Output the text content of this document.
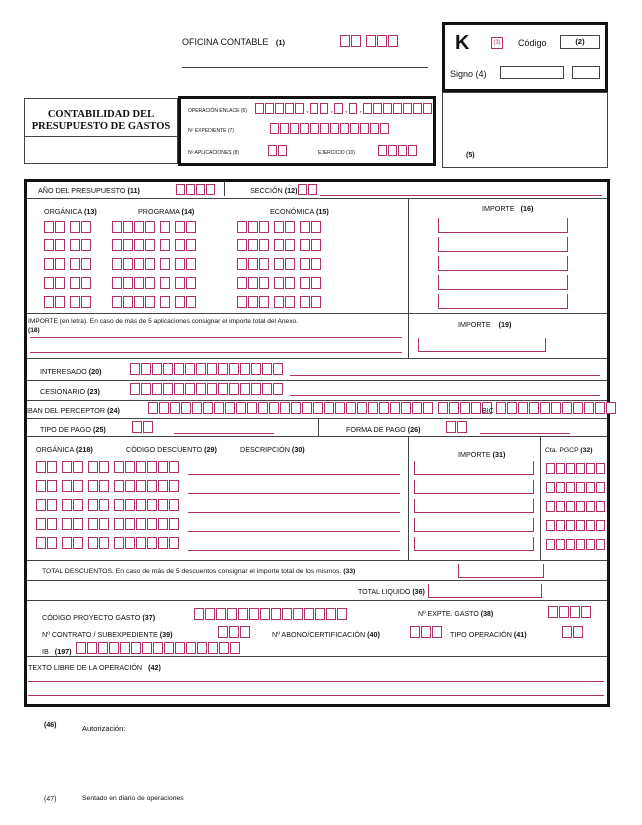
OFICINA CONTABLE (1)	K	(3) Código	(2)
Signo (4)
CONTABILIDAD DEL
PRESUPUESTO DE GASTOS
OPERACIÓN ENLACE (6)	, , , ,
Nº EXPEDIENTE (7)
Nº APLICACIONES (8)	EJERCICIO (10)	(5)
AÑO DEL PRESUPUESTO (11)	SECCIÓN (12)
ORGÁNICA (13)	PROGRAMA (14)	ECONÓMICA (15)	IMPORTE (16)
IMPORTE (en letra). En caso de más de 5 aplicaciones consignar el importe total del Anexo.
(18)
IMPORTE (19)
INTERESADO (20)
CESIONARIO (23)
IBAN DEL PERCEPTOR (24)	BIC
TIPO DE PAGO (25)	FORMA DE PAGO (26)
ORGÁNICA (218)	CÓDIGO DESCUENTO (29)	DESCRIPCIÓN (30)
IMPORTE (31)	Cta. PGCP (32)
TOTAL DESCUENTOS. En caso de más de 5 descuentos consignar el importe total de los mismos. (33)
TOTAL LIQUIDO (36)
CÓDIGO PROYECTO GASTO (37)	Nº EXPTE. GASTO (38)
Nº CONTRATO / SUBEXPEDIENTE (39)	Nº ABONO/CERTIFICACIÓN (40)	TIPO OPERACIÓN (41)
IB (197)
TEXTO LIBRE DE LA OPERACIÓN (42)
(46)	Autorización:
(47)	Sentado en diario de operaciones
